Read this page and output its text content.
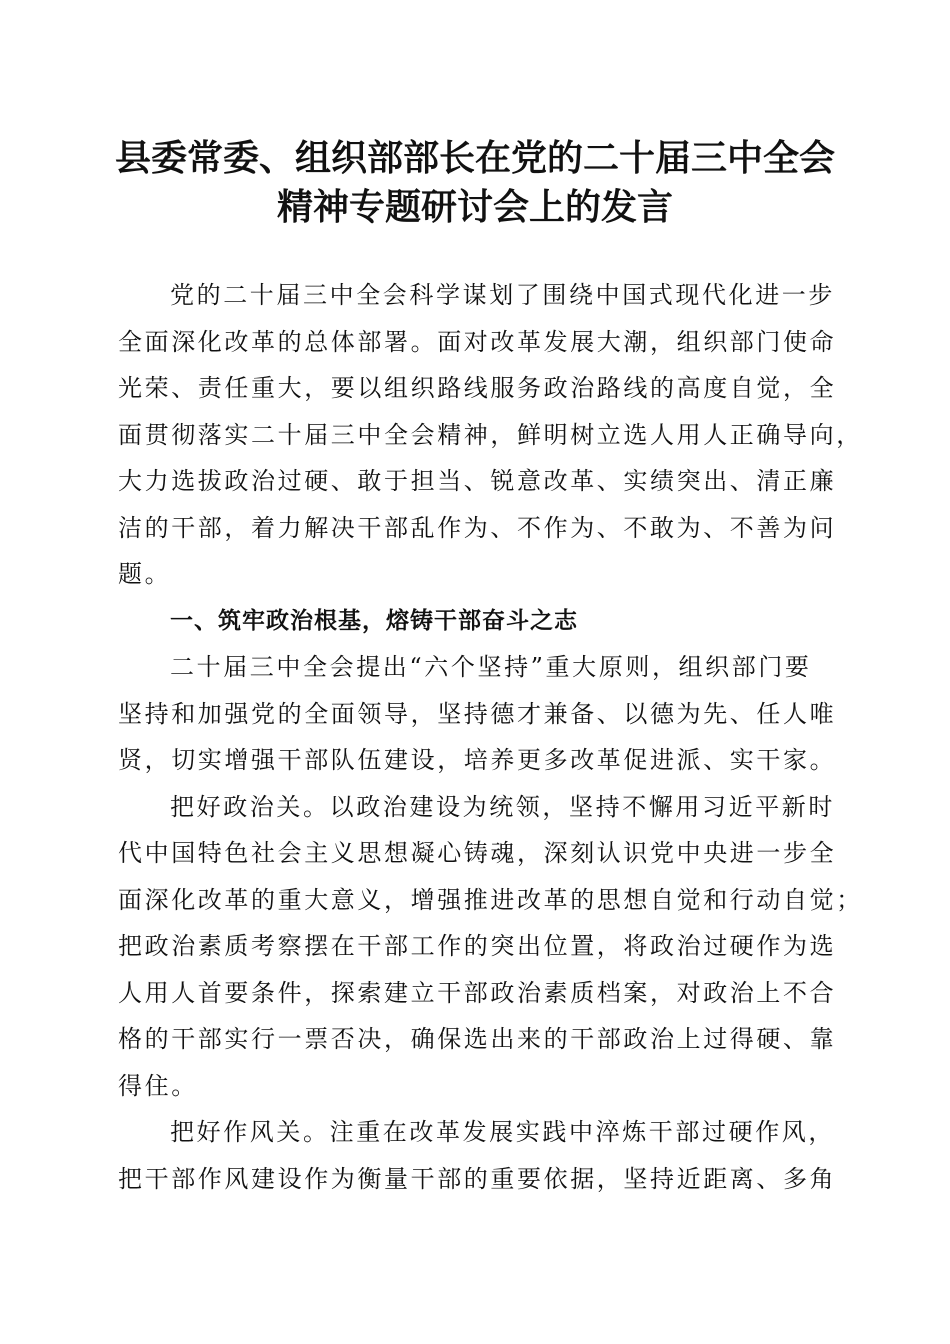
县委常委、组织部部长在党的二十届三中全会
精神专题研讨会上的发言
党的二十届三中全会科学谋划了围绕中国式现代化进一步
全面深化改革的总体部署。面对改革发展大潮，组织部门使命
光荣、责任重大，要以组织路线服务政治路线的高度自觉，全
面贯彻落实二十届三中全会精神，鲜明树立选人用人正确导向，
大力选拔政治过硬、敢于担当、锐意改革、实绩突出、清正廉
洁的干部，着力解决干部乱作为、不作为、不敢为、不善为问
题。
一、筑牢政治根基，熔铸干部奋斗之志
二十届三中全会提出“六个坚持”重大原则，组织部门要
坚持和加强党的全面领导，坚持德才兼备、以德为先、任人唯
贤，切实增强干部队伍建设，培养更多改革促进派、实干家。
把好政治关。以政治建设为统领，坚持不懈用习近平新时
代中国特色社会主义思想凝心铸魂，深刻认识党中央进一步全
面深化改革的重大意义，增强推进改革的思想自觉和行动自觉；
把政治素质考察摆在干部工作的突出位置，将政治过硬作为选
人用人首要条件，探索建立干部政治素质档案，对政治上不合
格的干部实行一票否决，确保选出来的干部政治上过得硬、靠
得住。
把好作风关。注重在改革发展实践中淬炼干部过硬作风，
把干部作风建设作为衡量干部的重要依据，坚持近距离、多角
